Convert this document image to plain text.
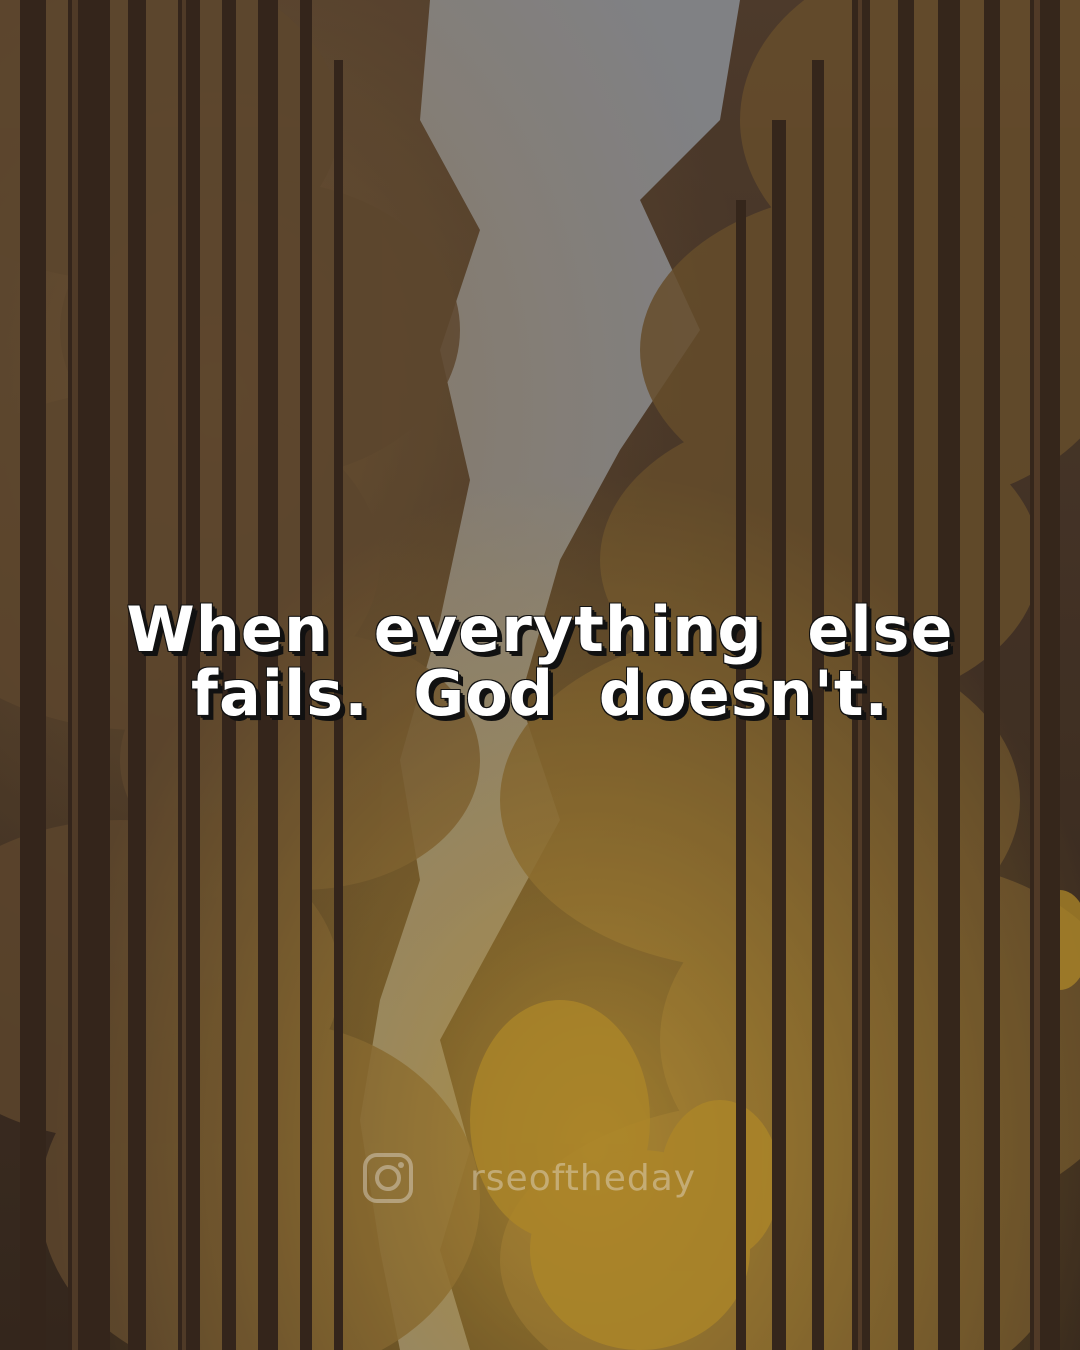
When everything else
fails. God doesn't.
rseoftheday
